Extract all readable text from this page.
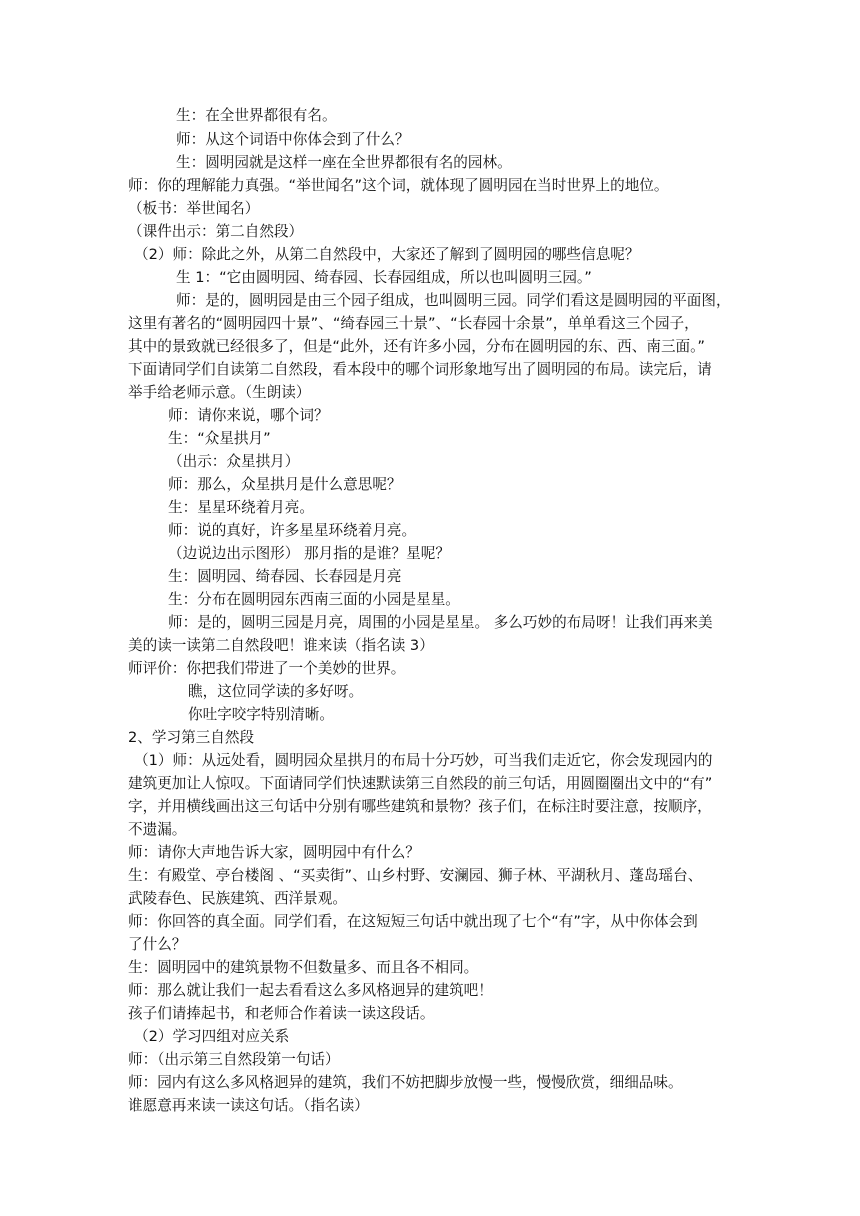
生：在全世界都很有名。
师：从这个词语中你体会到了什么？
生：圆明园就是这样一座在全世界都很有名的园林。
师：你的理解能力真强。“举世闻名”这个词，就体现了圆明园在当时世界上的地位。
（板书：举世闻名）
（课件出示：第二自然段）
（2）师：除此之外，从第二自然段中，大家还了解到了圆明园的哪些信息呢？
生 1：“它由圆明园、绮春园、长春园组成，所以也叫圆明三园。”
师：是的，圆明园是由三个园子组成，也叫圆明三园。同学们看这是圆明园的平面图，
这里有著名的“圆明园四十景”、“绮春园三十景”、“长春园十余景”，单单看这三个园子，
其中的景致就已经很多了，但是“此外，还有许多小园，分布在圆明园的东、西、南三面。”
下面请同学们自读第二自然段，看本段中的哪个词形象地写出了圆明园的布局。读完后，请
举手给老师示意。（生朗读）
师：请你来说，哪个词？
生：“众星拱月”
（出示：众星拱月）
师：那么，众星拱月是什么意思呢？
生：星星环绕着月亮。
师：说的真好，许多星星环绕着月亮。
（边说边出示图形） 那月指的是谁？星呢？
生：圆明园、绮春园、长春园是月亮
生：分布在圆明园东西南三面的小园是星星。
师：是的，圆明三园是月亮，周围的小园是星星。 多么巧妙的布局呀！让我们再来美
美的读一读第二自然段吧！谁来读（指名读 3）
师评价：你把我们带进了一个美妙的世界。
瞧，这位同学读的多好呀。
你吐字咬字特别清晰。
2、学习第三自然段
（1）师：从远处看，圆明园众星拱月的布局十分巧妙，可当我们走近它，你会发现园内的
建筑更加让人惊叹。下面请同学们快速默读第三自然段的前三句话，用圆圈圈出文中的“有”
字，并用横线画出这三句话中分别有哪些建筑和景物？孩子们，在标注时要注意，按顺序，
不遗漏。
师：请你大声地告诉大家，圆明园中有什么？
生：有殿堂、亭台楼阁 、“买卖街”、山乡村野、安澜园、狮子林、平湖秋月、蓬岛瑶台、
武陵春色、民族建筑、西洋景观。
师：你回答的真全面。同学们看，在这短短三句话中就出现了七个“有”字，从中你体会到
了什么？
生：圆明园中的建筑景物不但数量多、而且各不相同。
师：那么就让我们一起去看看这么多风格迥异的建筑吧！
孩子们请捧起书，和老师合作着读一读这段话。
（2）学习四组对应关系
师：（出示第三自然段第一句话）
师：园内有这么多风格迥异的建筑，我们不妨把脚步放慢一些，慢慢欣赏，细细品味。
谁愿意再来读一读这句话。（指名读）
